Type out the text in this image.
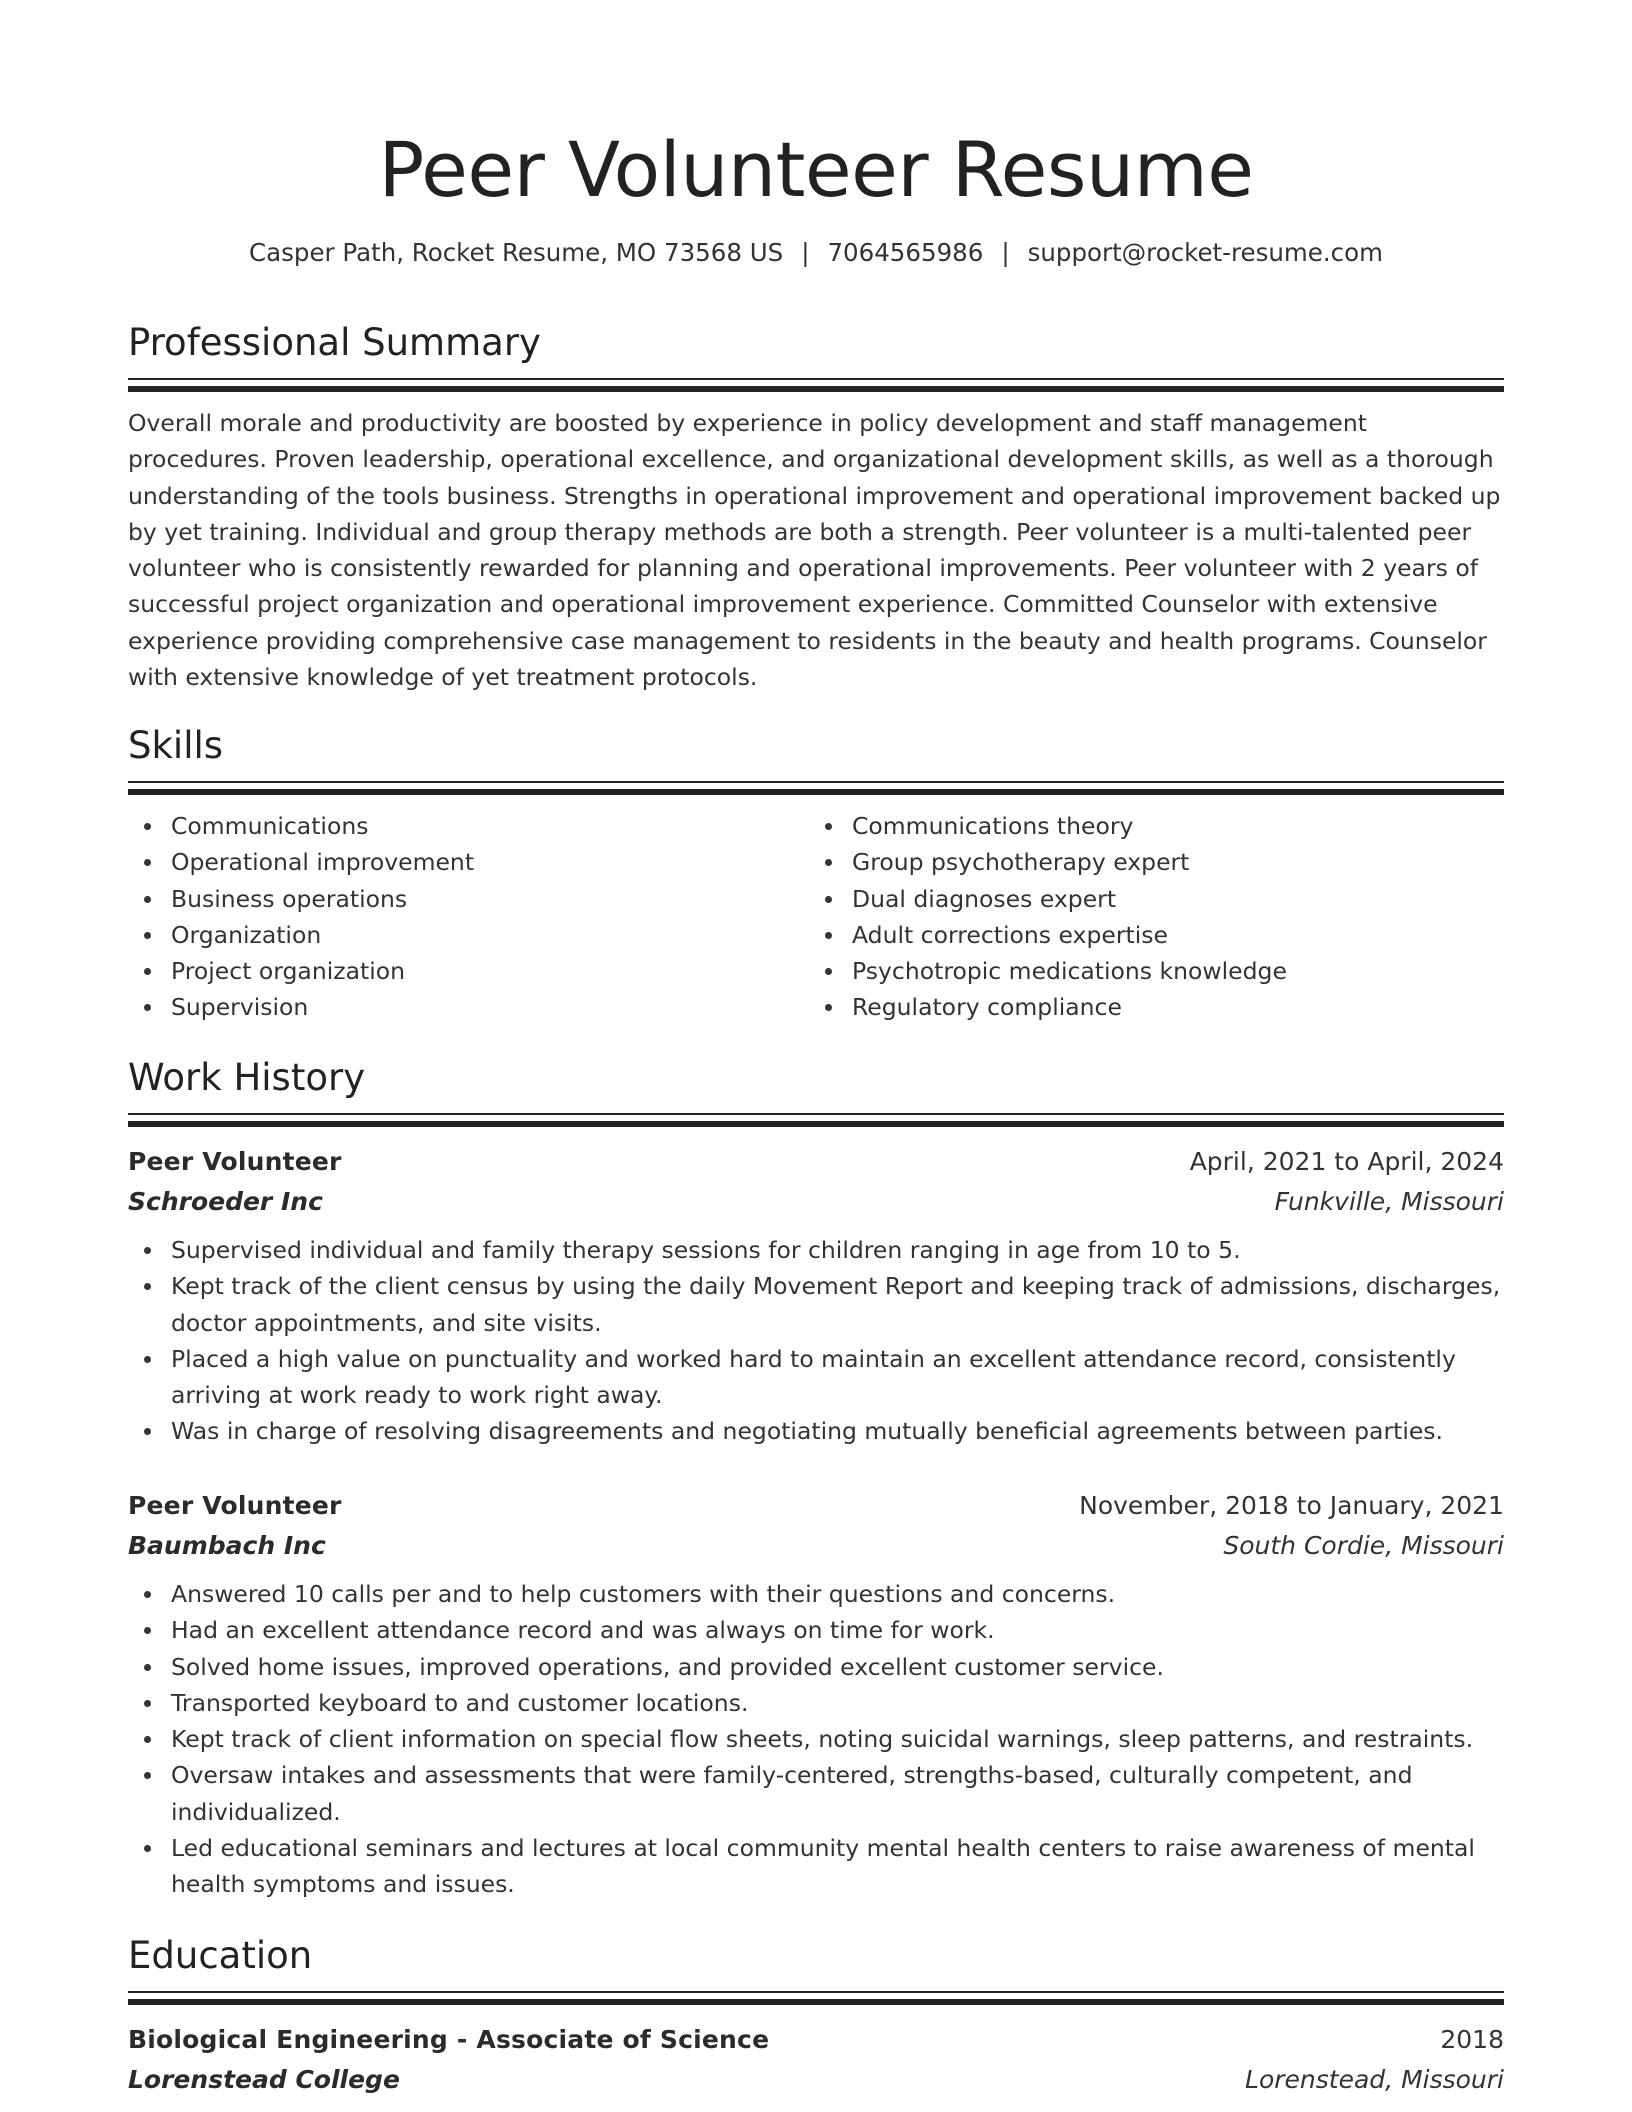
Peer Volunteer Resume
Casper Path, Rocket Resume, MO 73568 US | 7064565986 | support@rocket-resume.com
Professional Summary

Overall morale and productivity are boosted by experience in policy development and staff management procedures. Proven leadership, operational excellence, and organizational development skills, as well as a thorough understanding of the tools business. Strengths in operational improvement and operational improvement backed up by yet training. Individual and group therapy methods are both a strength. Peer volunteer is a multi-talented peer volunteer who is consistently rewarded for planning and operational improvements. Peer volunteer with 2 years of successful project organization and operational improvement experience. Committed Counselor with extensive experience providing comprehensive case management to residents in the beauty and health programs. Counselor with extensive knowledge of yet treatment protocols.

Skills
Communications
Operational improvement
Business operations
Organization
Project organization
Supervision
Communications theory
Group psychotherapy expert
Dual diagnoses expert
Adult corrections expertise
Psychotropic medications knowledge
Regulatory compliance
Work History
Peer Volunteer	April, 2021 to April, 2024
Schroeder Inc	Funkville, Missouri
Supervised individual and family therapy sessions for children ranging in age from 10 to 5.
Kept track of the client census by using the daily Movement Report and keeping track of admissions, discharges, doctor appointments, and site visits.
Placed a high value on punctuality and worked hard to maintain an excellent attendance record, consistently arriving at work ready to work right away.
Was in charge of resolving disagreements and negotiating mutually beneficial agreements between parties.
Peer Volunteer	November, 2018 to January, 2021
Baumbach Inc	South Cordie, Missouri
Answered 10 calls per and to help customers with their questions and concerns.
Had an excellent attendance record and was always on time for work.
Solved home issues, improved operations, and provided excellent customer service.
Transported keyboard to and customer locations.
Kept track of client information on special flow sheets, noting suicidal warnings, sleep patterns, and restraints.
Oversaw intakes and assessments that were family-centered, strengths-based, culturally competent, and individualized.
Led educational seminars and lectures at local community mental health centers to raise awareness of mental health symptoms and issues.
Education
Biological Engineering - Associate of Science	2018
Lorenstead College	Lorenstead, Missouri
